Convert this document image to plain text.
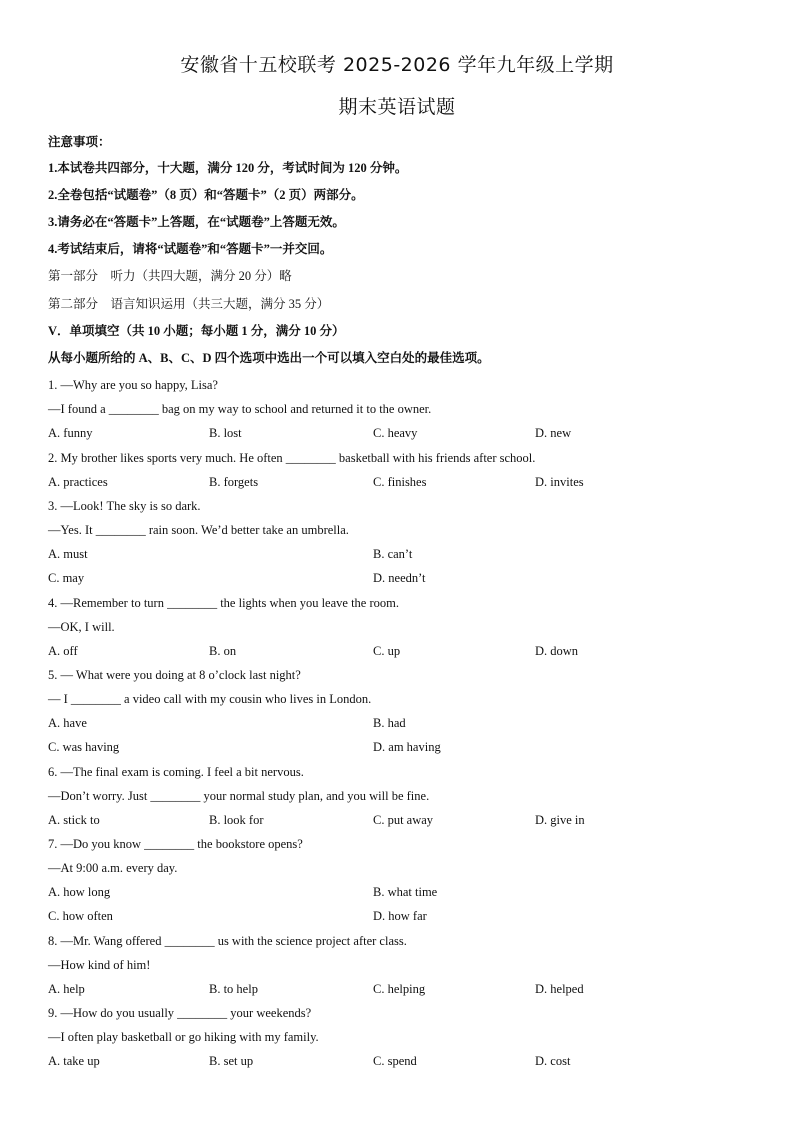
安徽省十五校联考 2025-2026 学年九年级上学期
期末英语试题
注意事项：
1.本试卷共四部分，十大题，满分 120 分，考试时间为 120 分钟。
2.全卷包括“试题卷”（8 页）和“答题卡”（2 页）两部分。
3.请务必在“答题卡”上答题，在“试题卷”上答题无效。
4.考试结束后，请将“试题卷”和“答题卡”一并交回。
第一部分　听力（共四大题，满分 20 分）略
第二部分　语言知识运用（共三大题，满分 35 分）
V．单项填空（共 10 小题；每小题 1 分，满分 10 分）
从每小题所给的 A、B、C、D 四个选项中选出一个可以填入空白处的最佳选项。
1. —Why are you so happy, Lisa?
—I found a ________ bag on my way to school and returned it to the owner.
A. funny	B. lost	C. heavy	D. new
2. My brother likes sports very much. He often ________ basketball with his friends after school.
A. practices	B. forgets	C. finishes	D. invites
3. —Look! The sky is so dark.
—Yes. It ________ rain soon. We’d better take an umbrella.
A. must	B. can’t
C. may	D. needn’t
4. —Remember to turn ________ the lights when you leave the room.
—OK, I will.
A. off	B. on	C. up	D. down
5. — What were you doing at 8 o’clock last night?
— I ________ a video call with my cousin who lives in London.
A. have	B. had
C. was having	D. am having
6. —The final exam is coming. I feel a bit nervous.
—Don’t worry. Just ________ your normal study plan, and you will be fine.
A. stick to	B. look for	C. put away	D. give in
7. —Do you know ________ the bookstore opens?
—At 9:00 a.m. every day.
A. how long	B. what time
C. how often	D. how far
8. —Mr. Wang offered ________ us with the science project after class.
—How kind of him!
A. help	B. to help	C. helping	D. helped
9. —How do you usually ________ your weekends?
—I often play basketball or go hiking with my family.
A. take up	B. set up	C. spend	D. cost
